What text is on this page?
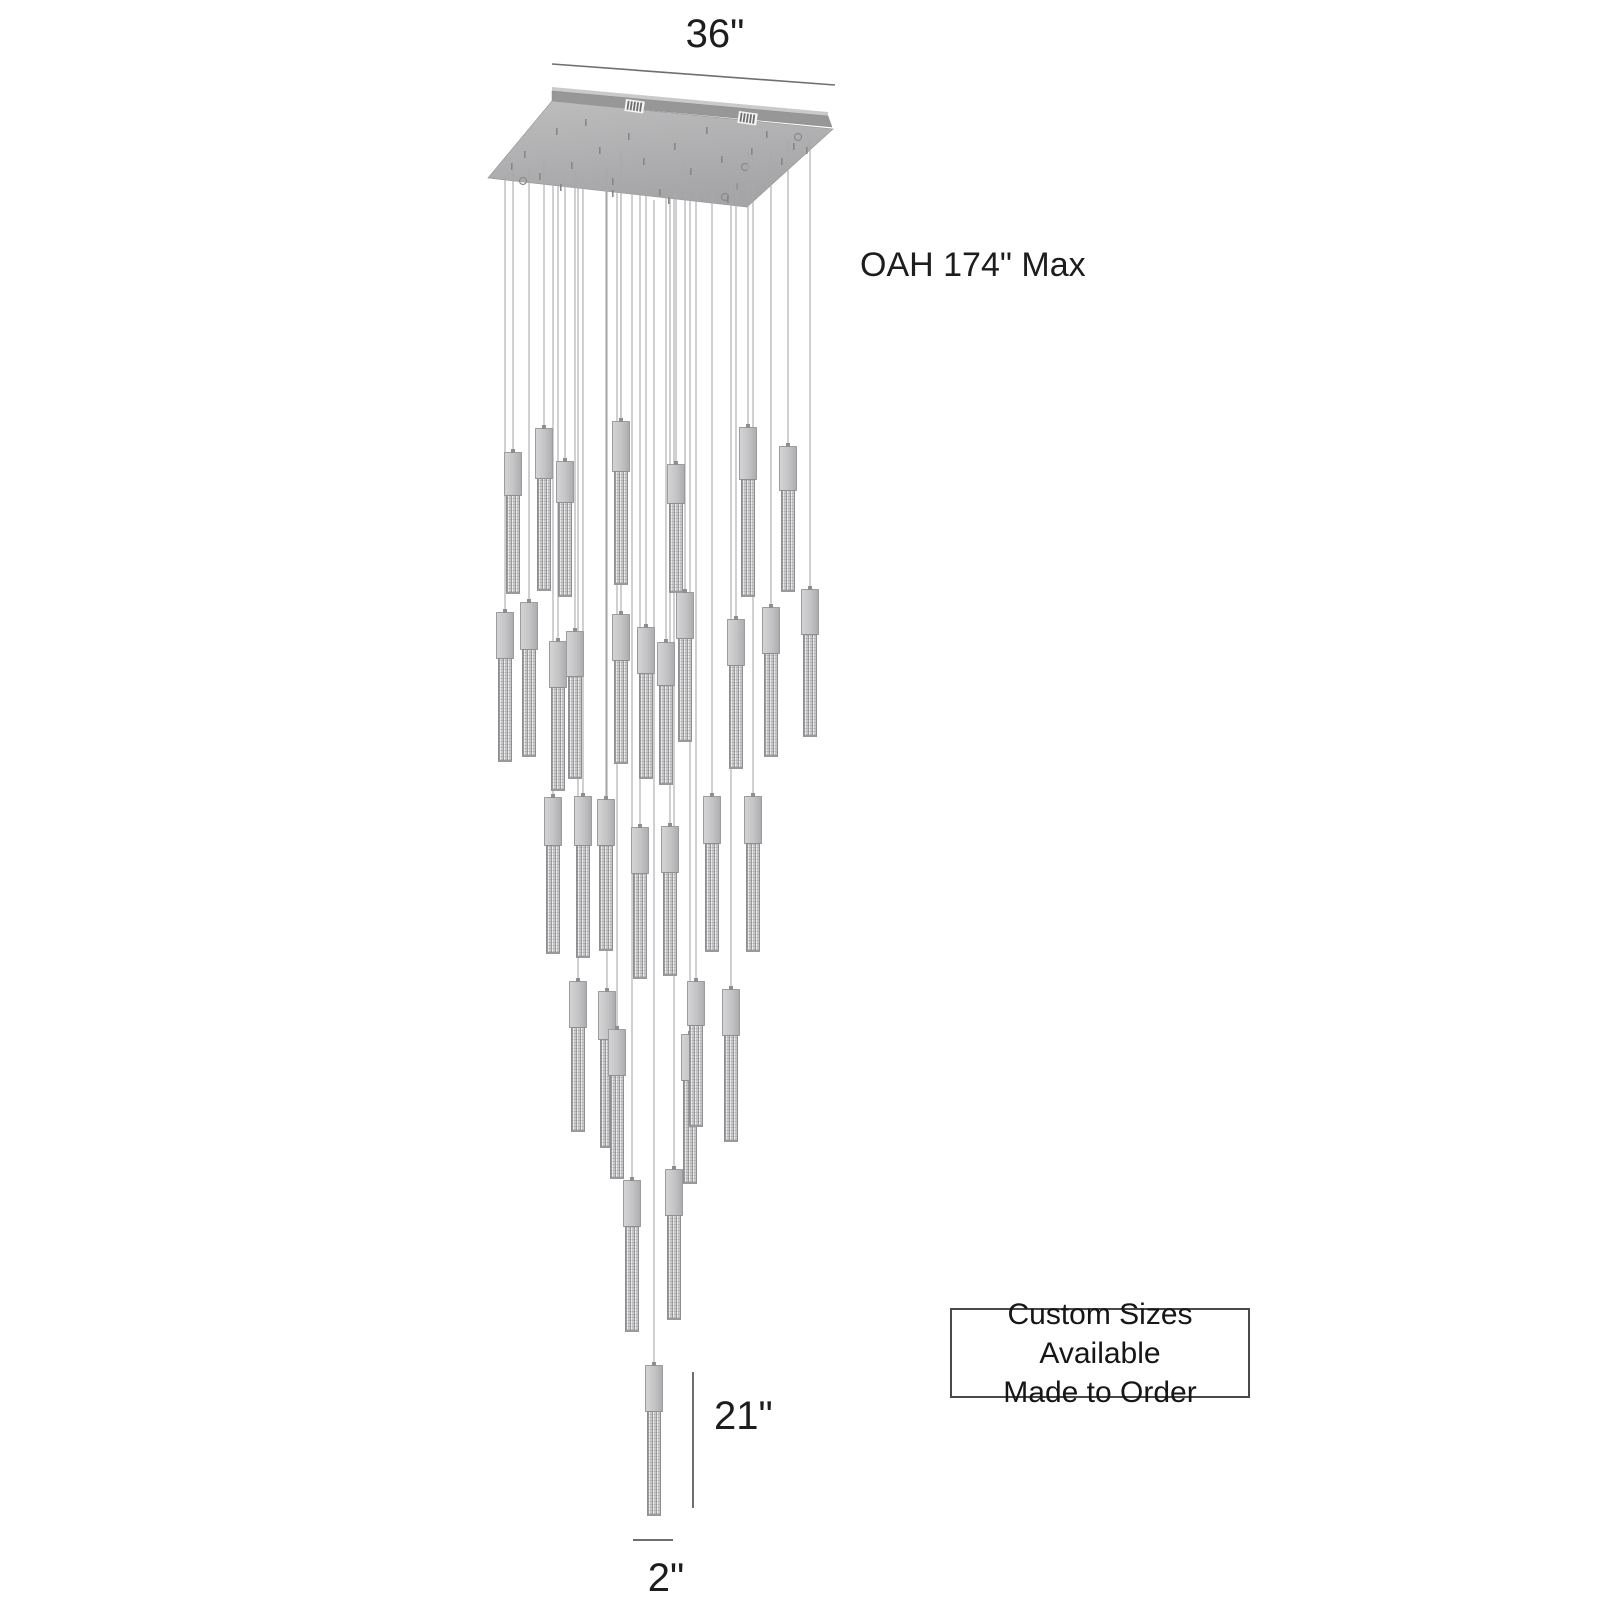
36"
OAH 174" Max
21"
2"
Custom Sizes Available
Made to Order
